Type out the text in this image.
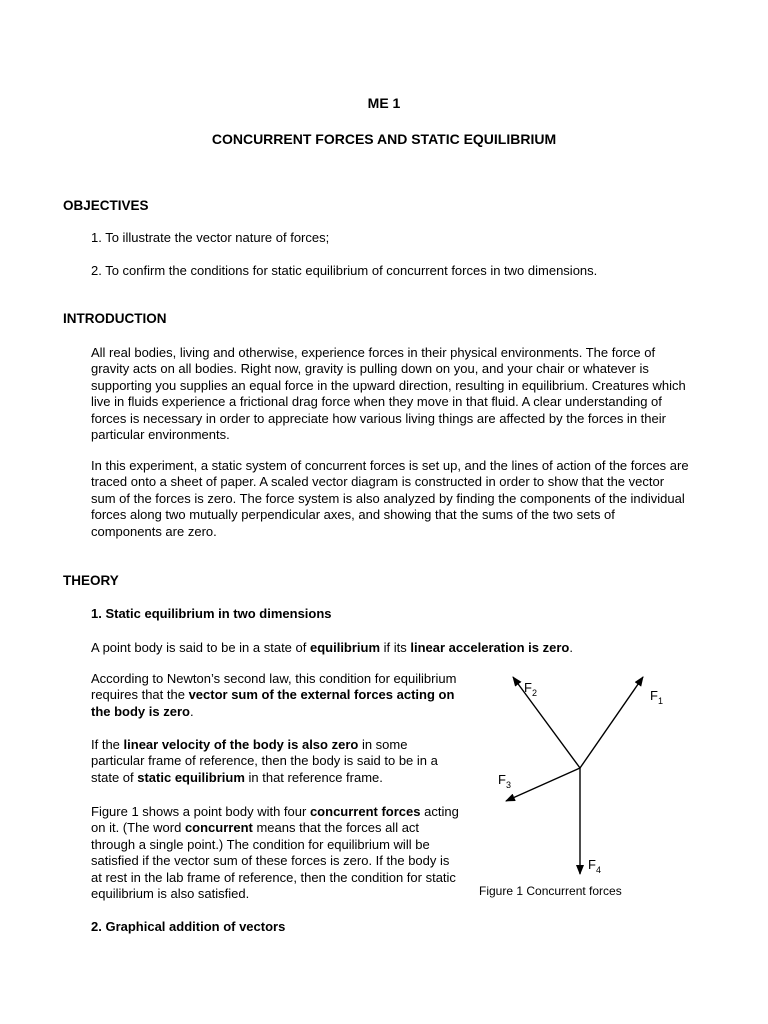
ME 1
CONCURRENT FORCES AND STATIC EQUILIBRIUM
OBJECTIVES
1. To illustrate the vector nature of forces;
2. To confirm the conditions for static equilibrium of concurrent forces in two dimensions.
INTRODUCTION

All real bodies, living and otherwise, experience forces in their physical environments. The force of gravity acts on all bodies. Right now, gravity is pulling down on you, and your chair or whatever is supporting you supplies an equal force in the upward direction, resulting in equilibrium. Creatures which live in fluids experience a frictional drag force when they move in that fluid. A clear understanding of forces is necessary in order to appreciate how various living things are affected by the forces in their particular environments.

In this experiment, a static system of concurrent forces is set up, and the lines of action of the forces are traced onto a sheet of paper. A scaled vector diagram is constructed in order to show that the vector sum of the forces is zero. The force system is also analyzed by finding the components of the individual forces along two mutually perpendicular axes, and showing that the sums of the two sets of components are zero.

THEORY
1. Static equilibrium in two dimensions

A point body is said to be in a state of equilibrium if its linear acceleration is zero.

According to Newton’s second law, this condition for equilibrium requires that the vector sum of the external forces acting on the body is zero.

If the linear velocity of the body is also zero in some particular frame of reference, then the body is said to be in a state of static equilibrium in that reference frame.

Figure 1 shows a point body with four concurrent forces acting on it. (The word concurrent means that the forces all act through a single point.) The condition for equilibrium will be satisfied if the vector sum of these forces is zero. If the body is at rest in the lab frame of reference, then the condition for static equilibrium is also satisfied.

2. Graphical addition of vectors
$F_1$
$F_2$
$F_3$
$F_4$
Figure 1 Concurrent forces
